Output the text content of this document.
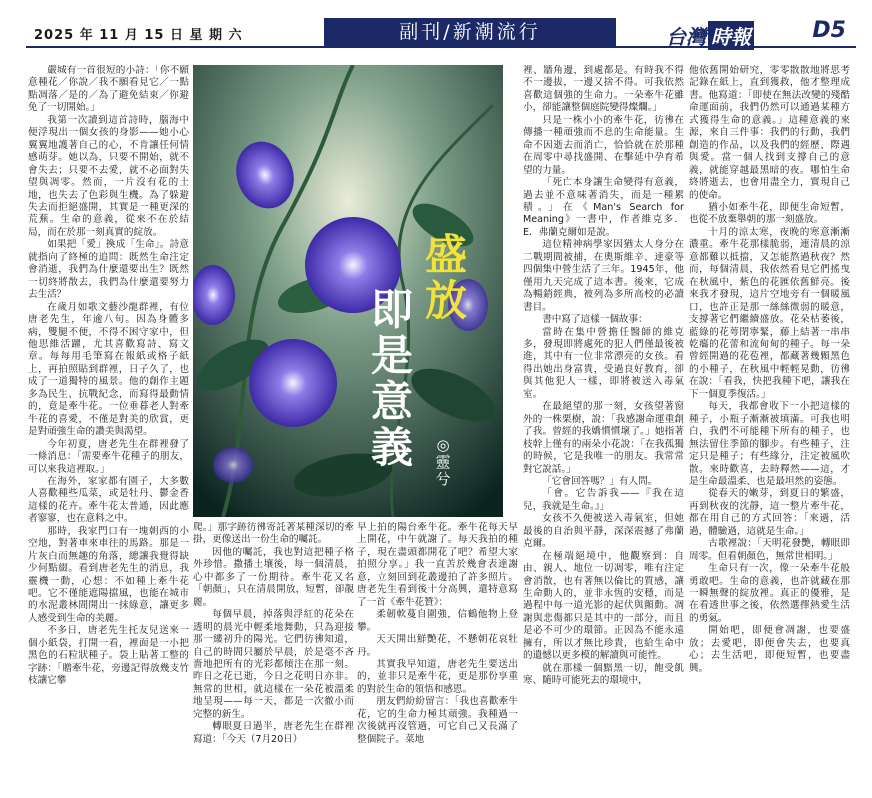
2025 年 11 月 15 日 星 期 六	副刊/新潮流行	台灣 時報	D5

嚴城有一首很短的小詩：「你不願意種花／你說／我不願看見它／一點點凋落／是的／為了避免結束／你避免了一切開始。」

我第一次讀到這首詩時，腦海中便浮現出一個女孩的身影——她小心翼翼地護著自己的心，不肯讓任何情感萌芽。她以為，只要不開始，就不會失去；只要不去愛，就不必面對失望與凋零。然而，一片沒有花的土地，也失去了色彩與生機。為了躲避失去而拒絕盛開，其實是一種更深的荒蕪。生命的意義，從來不在於結局，而在於那一刻真實的綻放。

如果把「愛」換成「生命」。詩意就指向了終極的追問：既然生命注定會消逝，我們為什麼還要出生？既然一切終將散去，我們為什麼還要努力去生活？

在歲月如歌文藝沙龍群裡，有位唐老先生，年逾八旬。因為身體多病，雙腿不便，不得不困守家中，但他思維活躍，尤其喜歡寫詩、寫文章。每每用毛筆寫在報紙或格子紙上，再拍照貼到群裡，日子久了，也成了一道獨特的風景。他的創作主題多為民生、抗戰紀念，而寫得最動情的，竟是牽牛花。一位垂暮老人對牽牛花的喜愛，不僅是對美的欣賞，更是對頑強生命的讚美與渴望。

今年初夏，唐老先生在群裡發了一條消息：「需要牽牛花種子的朋友，可以來我這裡取。」

在海外，家家都有園子，大多數人喜歡種些瓜菜，或是牡丹、鬱金香這樣的花卉。牽牛花太普通，因此應者寥寥，也在意料之中。

那時，我家門口有一塊朝西的小空地，對著車來車往的馬路。那是一片灰白而無趣的角落，總讓我覺得缺少何點綴。看到唐老先生的消息，我靈機一動，心想：不如種上牽牛花吧。它不僅能遮陽擋風，也能在城市的水泥叢林間開出一抹綠意，讓更多人感受到生命的美麗。

不多日，唐老先生托友兒送來一個小紙袋，打開一看，裡面是一小把黑色的石粒狀種子。袋上貼著工整的字跡：「贈牽牛花，旁邊記得放幾支竹枝讓它攀

盛放
即是意義	◎靈兮

爬。」那字跡彷彿寄託著某種深切的牽掛，更像送出一份生命的囑託。

因他的囑託，我也對這把種子格外珍惜。撒播土壤後，每一個清晨，心中都多了一份期待。牽牛花又名「朝顏」，只在清晨開放，短暫，卻靚麗。

每個早晨，掉落與浮紅的花朵在透明的晨光中輕柔地舞動，只為迎接那一縷初升的陽光。它們彷彿知道，自己的時間只屬於早晨，於是毫不吝嗇地把所有的光彩都傾注在那一刻。昨日之花已逝，今日之花明日亦非。無常的世相，就這樣在一朵花被溫柔地呈現——每一天，都是一次徹小而完整的新生。

轉眼夏日過半，唐老先生在群裡寫道：「今天（7月20日）

早上拍的陽台牽牛花。牽牛花每天早上開花，中午就謝了。每天我拍的種子，現在盡頭都開花了吧？希望大家拍照分享。」我一直苦於幾會表達謝意，立刻回到花叢邊拍了許多照片。唐老先生看到後十分高興，還特意寫了一首《牽牛花贊》：

柔韌軟蔓自圍強，信鶴他物上登攀。

天天開出鮮艷花，不懸朝花哀牡丹。

其實我早知道，唐老先生要送出的，並非只是牽牛花，更是那份享重的對於生命的領悟和感恩。

朋友們紛紛留言：「我也喜歡牽牛花，它的生命力極其頑強。我種過一次後就再沒管過，可它自己又長滿了整個院子。菜地

裡、牆角邊，到處都是。有時我不得不一邊拔，一邊又捨不得。可我依然喜歡這個強的生命力。一朵牽牛花雖小，卻能讓整個庭院變得燦爛。」

只是一株小小的牽牛花，彷彿在傳播一種頑強而不息的生命能量。生命不因逝去而消亡，恰恰就在於那種在周零中尋找盛開、在擊延中孕育希望的力量。

「死亡本身讓生命變得有意義，過去並不意味著消失，而是一種累積。」在《Man's Search for Meaning》一書中，作者維克多．E．弗蘭克爾如是說。

這位精神病學家因猶太人身分在二戰期間被捕，在奧斯維辛、達豪等四個集中營生活了三年。1945年，他僅用九天完成了這本書。後來，它成為暢銷經典，被列為多所高校的必讀書目。

書中寫了這樣一個故事：

當時在集中營擔任醫師的維克多，發現即將處死的犯人們僅最後被進，其中有一位非常漂亮的女孩。看得出她出身富貴，受過良好教育，卻與其他犯人一樣，即將被送入毒氣室。

在最絕望的那一刻，女孩望著窗外的一株栗樹，說：「我感謝命運重創了我。曾經的我嬌慣慣壞了。」她指著枝幹上僅有的兩朵小花說：「在我孤獨的時候，它是我唯一的朋友。我常常對它說話。」

「它會回答嗎？」有人問。

「會。它告訴我——『我在這兒，我就是生命。』」

女孩不久便被送入毒氣室，但她最後的自治與平靜，深深震撼了弗蘭克爾。

在極端絕境中，他觀察到：自由、親人、地位一切凋零，唯有注定會消散，也有著無以倫比的質感，讓生命動人的，並非永恆的安穩，而是過程中每一道光影的起伏與顫動。凋謝與悲傷都只是其中的一部分，而且是必不可少的環節。正因為不能永遠擁有，所以才無比珍貴，也給生命中的遺憾以更多模的解讀與可能性。

就在那樣一個黯黑一切，飽受飢寒、隨時可能死去的環境中，

他依舊開始研究，零零散散地將思考記錄在紙上，直到獲救，他才整理成書。他寫道：「即使在無法改變的殘酷命運面前，我們仍然可以通過某種方式獲得生命的意義。」這種意義的來源，來自三件事：我們的行動，我們創造的作品，以及我們的經歷、際遇與愛。當一個人找到支撐自己的意義，就能穿越最黑暗的夜。哪怕生命終將逝去，也會用盡全力，實現自己的使命。

猶小如牽牛花，即便生命短暫，也從不放棄舉朝的那一刻盛放。

十月的涼太寒，夜晚的寒意漸漸濃重。牽牛花那樣脆弱，連清晨的涼意都難以抵擋，又怎能熬過秋夜？然而，每個清晨，我依然看見它們搖曳在秋風中，紫色的花匯依舊鮮亮。後來我才發現，這片空地旁有一個暖風口，也許正是那一絲絲微弱的暖意，支撐著它們繼續盛放。花朵枯萎後，藍綠的花萼閉寧緊，藤上結著一串串乾癟的花蕾和流甸甸的種子。每一朵曾經開過的花苞裡，都藏著幾顆黑色的小種子，在秋風中輕輕晃動，彷彿在說：「看我，快把我種下吧，讓我在下一個夏季復活。」

每天，我都會收下一小把這樣的種子，小瓶子漸漸被填滿。可我也明白，我們不可能種下所有的種子，也無法留住季節的腳步。有些種子，注定只是種子；有些緣分，注定被風吹散。來時歡喜，去時釋然——這，才是生命最溫柔、也是最坦然的姿態。

從春天的嫩芽，到夏日的繁盛，再到秋夜的沈靜，這一整片牽牛花，都在用自己的方式回答：「來過，活過，體驗過，這就是生命。」

古歌裡說：「天明花發艷，轉眼即周零。但看朝顏色，無常世相明。」

生命只有一次，像一朵牽牛花般勇敢吧。生命的意義，也許就藏在那一瞬無聲的綻放裡。真正的優雅，是在看透世事之後，依然選擇熱愛生活的勇氣。

開始吧，即便會凋謝，也要盛放；去愛吧，即便會失去，也要真心；去生活吧，即便短暫，也要盡興。
